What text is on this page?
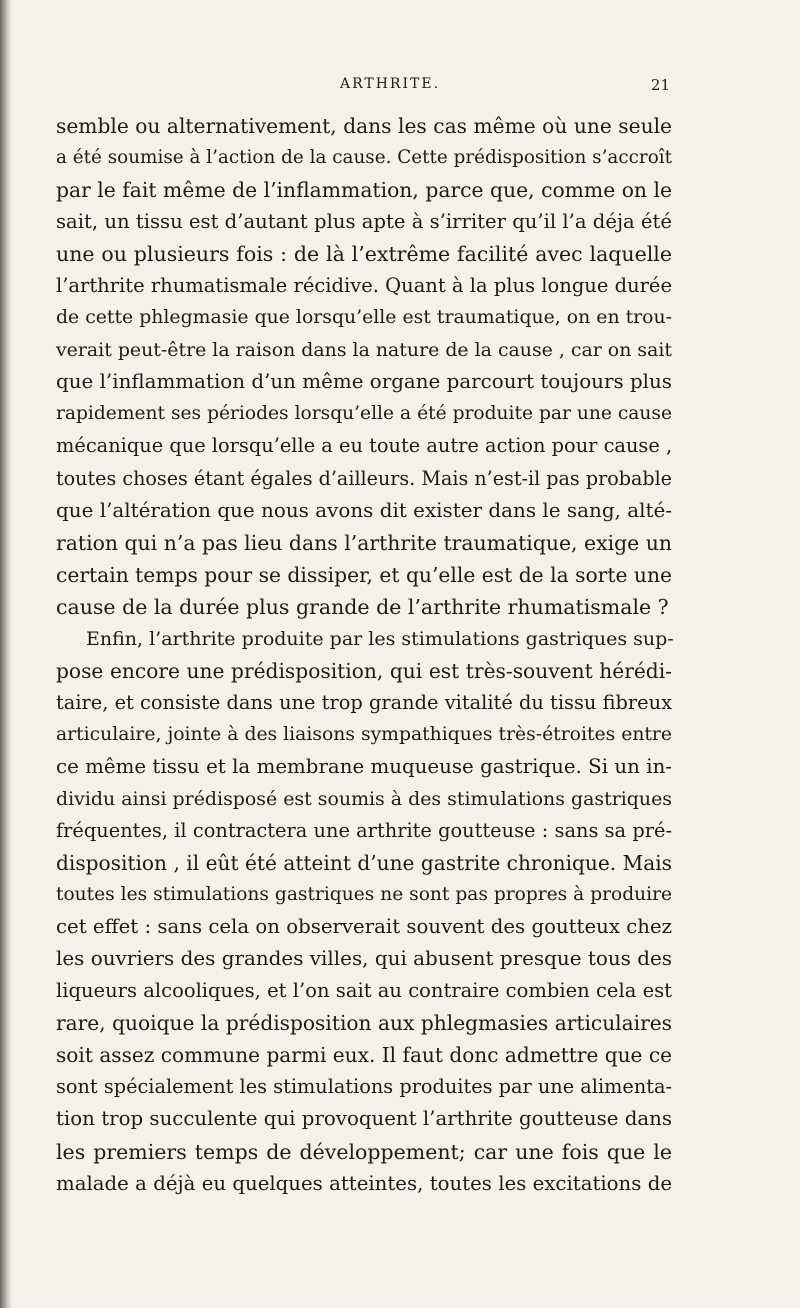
ARTHRITE.	21
semble ou alternativement, dans les cas même où une seule
a été soumise à l’action de la cause. Cette prédisposition s’accroît
par le fait même de l’inflammation, parce que, comme on le
sait, un tissu est d’autant plus apte à s’irriter qu’il l’a déja été
une ou plusieurs fois : de là l’extrême facilité avec laquelle
l’arthrite rhumatismale récidive. Quant à la plus longue durée
de cette phlegmasie que lorsqu’elle est traumatique, on en trou-
verait peut-être la raison dans la nature de la cause , car on sait
que l’inflammation d’un même organe parcourt toujours plus
rapidement ses périodes lorsqu’elle a été produite par une cause
mécanique que lorsqu’elle a eu toute autre action pour cause ,
toutes choses étant égales d’ailleurs. Mais n’est-il pas probable
que l’altération que nous avons dit exister dans le sang, alté-
ration qui n’a pas lieu dans l’arthrite traumatique, exige un
certain temps pour se dissiper, et qu’elle est de la sorte une
cause de la durée plus grande de l’arthrite rhumatismale ?
Enfin, l’arthrite produite par les stimulations gastriques sup-
pose encore une prédisposition, qui est très-souvent hérédi-
taire, et consiste dans une trop grande vitalité du tissu fibreux
articulaire, jointe à des liaisons sympathiques très-étroites entre
ce même tissu et la membrane muqueuse gastrique. Si un in-
dividu ainsi prédisposé est soumis à des stimulations gastriques
fréquentes, il contractera une arthrite goutteuse : sans sa pré-
disposition , il eût été atteint d’une gastrite chronique. Mais
toutes les stimulations gastriques ne sont pas propres à produire
cet effet : sans cela on observerait souvent des goutteux chez
les ouvriers des grandes villes, qui abusent presque tous des
liqueurs alcooliques, et l’on sait au contraire combien cela est
rare, quoique la prédisposition aux phlegmasies articulaires
soit assez commune parmi eux. Il faut donc admettre que ce
sont spécialement les stimulations produites par une alimenta-
tion trop succulente qui provoquent l’arthrite goutteuse dans
les premiers temps de développement; car une fois que le
malade a déjà eu quelques atteintes, toutes les excitations de
